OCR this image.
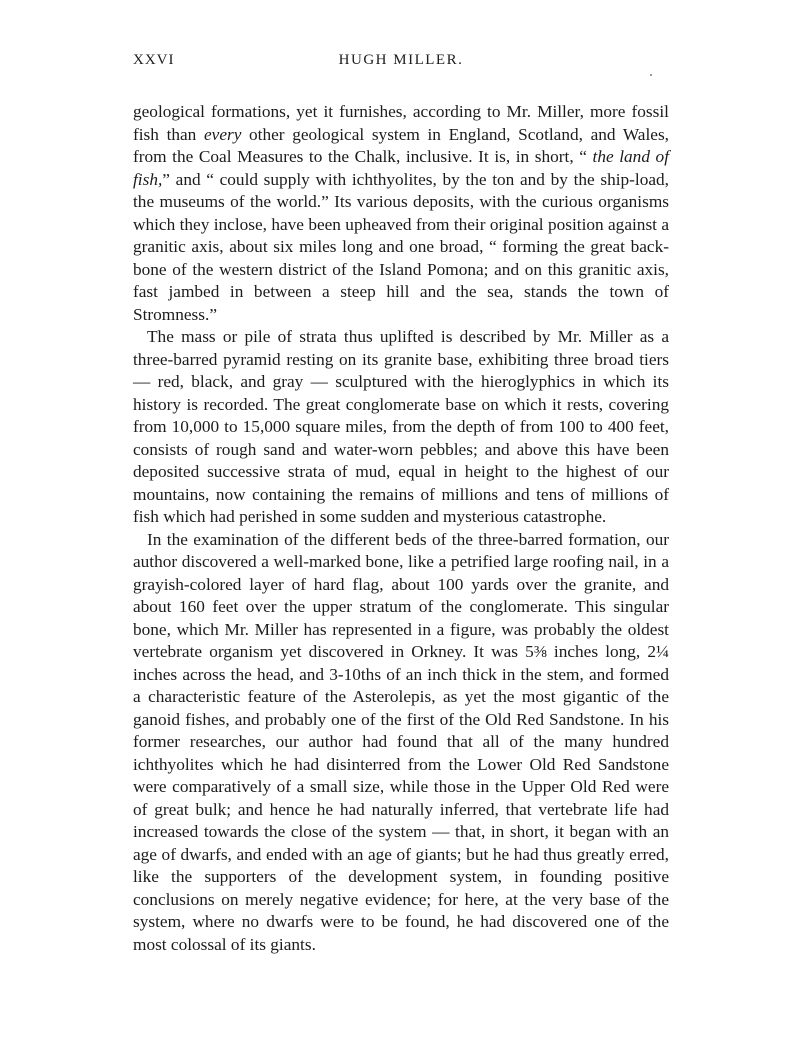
XXVI	HUGH MILLER.

geological formations, yet it furnishes, according to Mr. Miller, more fossil fish than every other geological system in England, Scotland, and Wales, from the Coal Measures to the Chalk, inclusive. It is, in short, “ the land of fish,” and “ could supply with ichthyolites, by the ton and by the ship-load, the museums of the world.” Its various deposits, with the curious organisms which they inclose, have been upheaved from their original position against a granitic axis, about six miles long and one broad, “ forming the great back-bone of the western district of the Island Pomona; and on this granitic axis, fast jambed in between a steep hill and the sea, stands the town of Stromness.”

The mass or pile of strata thus uplifted is described by Mr. Miller as a three-barred pyramid resting on its granite base, exhibiting three broad tiers — red, black, and gray — sculptured with the hieroglyphics in which its history is recorded. The great conglomerate base on which it rests, covering from 10,000 to 15,000 square miles, from the depth of from 100 to 400 feet, consists of rough sand and water-worn pebbles; and above this have been deposited successive strata of mud, equal in height to the highest of our mountains, now containing the remains of millions and tens of millions of fish which had perished in some sudden and mysterious catastrophe.

In the examination of the different beds of the three-barred formation, our author discovered a well-marked bone, like a petrified large roofing nail, in a grayish-colored layer of hard flag, about 100 yards over the granite, and about 160 feet over the upper stratum of the conglomerate. This singular bone, which Mr. Miller has represented in a figure, was probably the oldest vertebrate organism yet discovered in Orkney. It was 5⅜ inches long, 2¼ inches across the head, and 3-10ths of an inch thick in the stem, and formed a characteristic feature of the Asterolepis, as yet the most gigantic of the ganoid fishes, and probably one of the first of the Old Red Sandstone. In his former researches, our author had found that all of the many hundred ichthyolites which he had disinterred from the Lower Old Red Sandstone were comparatively of a small size, while those in the Upper Old Red were of great bulk; and hence he had naturally inferred, that vertebrate life had increased towards the close of the system — that, in short, it began with an age of dwarfs, and ended with an age of giants; but he had thus greatly erred, like the supporters of the development system, in founding positive conclusions on merely negative evidence; for here, at the very base of the system, where no dwarfs were to be found, he had discovered one of the most colossal of its giants.
